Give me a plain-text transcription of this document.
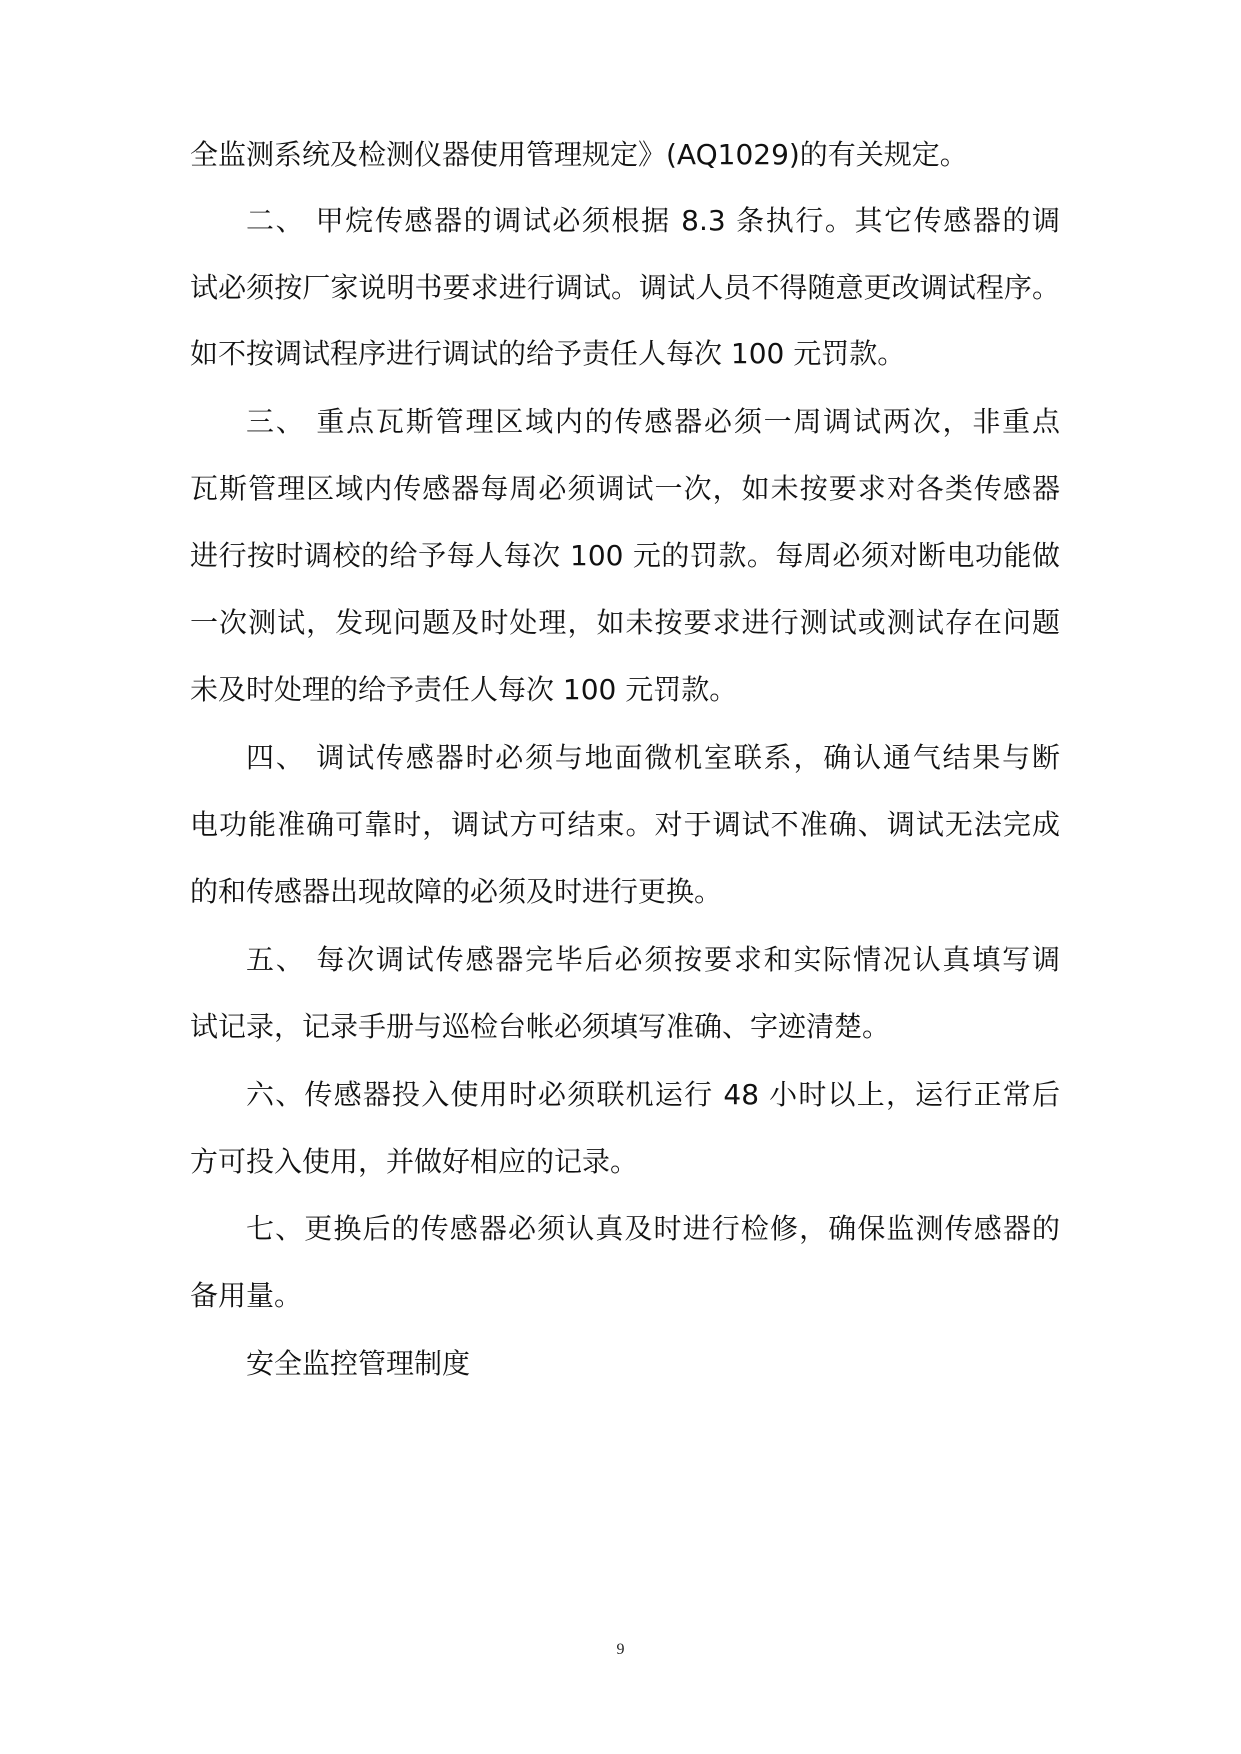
全监测系统及检测仪器使用管理规定》(AQ1029)的有关规定。
二、 甲烷传感器的调试必须根据 8.3 条执行。其它传感器的调
试必须按厂家说明书要求进行调试。调试人员不得随意更改调试程序。
如不按调试程序进行调试的给予责任人每次 100 元罚款。
三、 重点瓦斯管理区域内的传感器必须一周调试两次，非重点
瓦斯管理区域内传感器每周必须调试一次，如未按要求对各类传感器
进行按时调校的给予每人每次 100 元的罚款。每周必须对断电功能做
一次测试，发现问题及时处理，如未按要求进行测试或测试存在问题
未及时处理的给予责任人每次 100 元罚款。
四、 调试传感器时必须与地面微机室联系，确认通气结果与断
电功能准确可靠时，调试方可结束。对于调试不准确、调试无法完成
的和传感器出现故障的必须及时进行更换。
五、 每次调试传感器完毕后必须按要求和实际情况认真填写调
试记录，记录手册与巡检台帐必须填写准确、字迹清楚。
六、传感器投入使用时必须联机运行 48 小时以上，运行正常后
方可投入使用，并做好相应的记录。
七、更换后的传感器必须认真及时进行检修，确保监测传感器的
备用量。
安全监控管理制度
9
